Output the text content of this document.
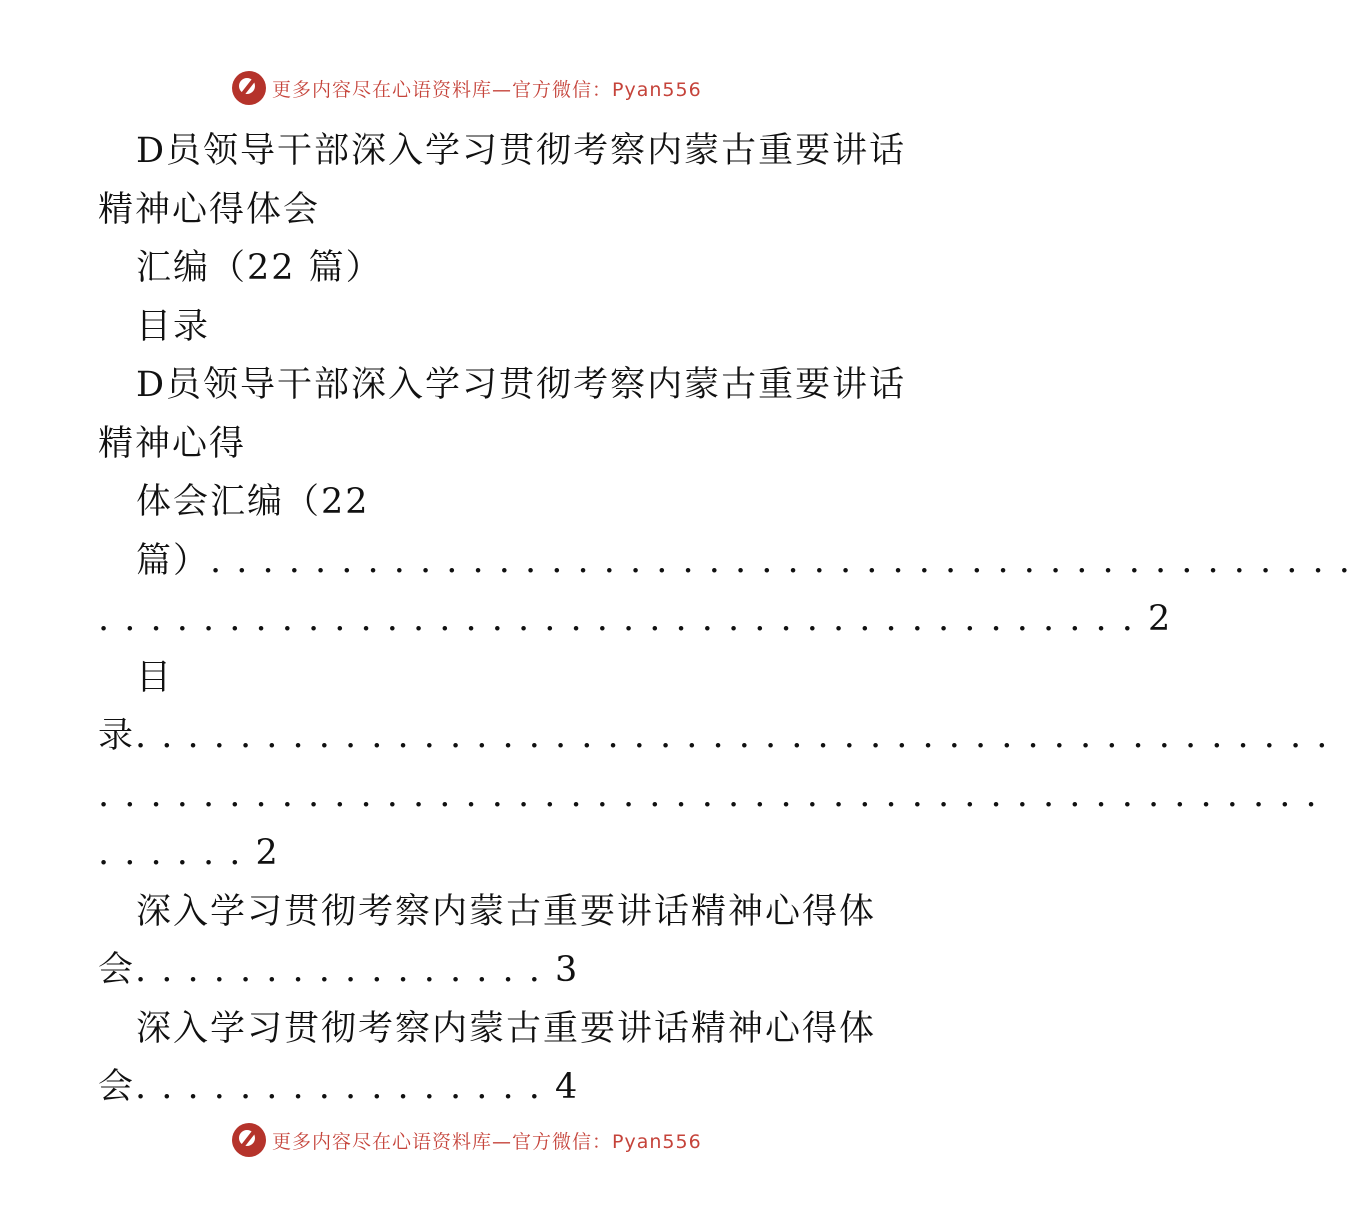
更多内容尽在心语资料库—官方微信：Pyan556
D员领导干部深入学习贯彻考察内蒙古重要讲话
精神心得体会
汇编（22 篇）
目录
D员领导干部深入学习贯彻考察内蒙古重要讲话
精神心得
体会汇编（22
篇）. . . . . . . . . . . . . . . . . . . . . . . . . . . . . . . . . . . . . . . . . . . .
. . . . . . . . . . . . . . . . . . . . . . . . . . . . . . . . . . . . . . . . 2
目
录. . . . . . . . . . . . . . . . . . . . . . . . . . . . . . . . . . . . . . . . . . . . . .
. . . . . . . . . . . . . . . . . . . . . . . . . . . . . . . . . . . . . . . . . . . . . . .
. . . . . . 2
深入学习贯彻考察内蒙古重要讲话精神心得体
会. . . . . . . . . . . . . . . . 3
深入学习贯彻考察内蒙古重要讲话精神心得体
会. . . . . . . . . . . . . . . . 4
更多内容尽在心语资料库—官方微信：Pyan556
